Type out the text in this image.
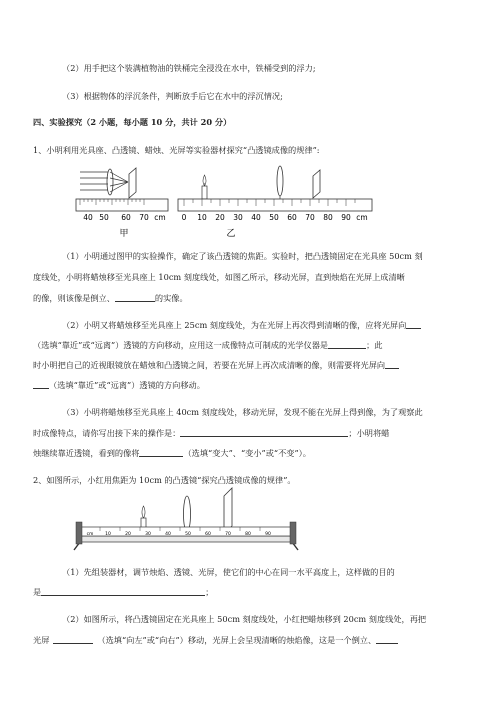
（2）用手把这个装满植物油的铁桶完全浸没在水中，铁桶受到的浮力;
（3）根据物体的浮沉条件，判断放手后它在水中的浮沉情况;
四、实验探究（2 小题，每小题 10 分，共计 20 分）
1、小明利用光具座、凸透镜、蜡烛、光屏等实验器材探究“凸透镜成像的规律”:
40 50 60 70 cm
甲
0 10 20 30 40 50 60 70 80 90 cm
乙
（1）小明通过图甲的实验操作，确定了该凸透镜的焦距。实验时，把凸透镜固定在光具座 50cm 刻
度线处，小明将蜡烛移至光具座上 10cm 刻度线处，如图乙所示，移动光屏，直到烛焰在光屏上成清晰
的像，则该像是倒立、	的实像。
（2）小明又将蜡烛移至光具座上 25cm 刻度线处，为在光屏上再次得到清晰的像，应将光屏向
（选填“靠近”或“远离”）透镜的方向移动，应用这一成像特点可制成的光学仪器是	；此
时小明把自己的近视眼镜放在蜡烛和凸透镜之间，若要在光屏上再次成清晰的像，则需要将光屏向
（选填“靠近”或“远离”）透镜的方向移动。
（3）小明将蜡烛移至光具座上 40cm 刻度线处，移动光屏，发现不能在光屏上得到像，为了观察此
时成像特点，请你写出接下来的操作是：	；小明将蜡
烛继续靠近透镜，看到的像将	（选填“变大”、“变小”或“不变”）。
2、如图所示，小红用焦距为 10cm 的凸透镜“探究凸透镜成像的规律”。
cm	10	20	30	40	50	60	70	80	90
（1）先组装器材，调节烛焰、透镜、光屏，使它们的中心在同一水平高度上，这样做的目的
是	；
（2）如图所示，将凸透镜固定在光具座上 50cm 刻度线处，小红把蜡烛移到 20cm 刻度线处，再把
光屏	（选填“向左”或“向右”）移动，光屏上会呈现清晰的烛焰像，这是一个倒立、
